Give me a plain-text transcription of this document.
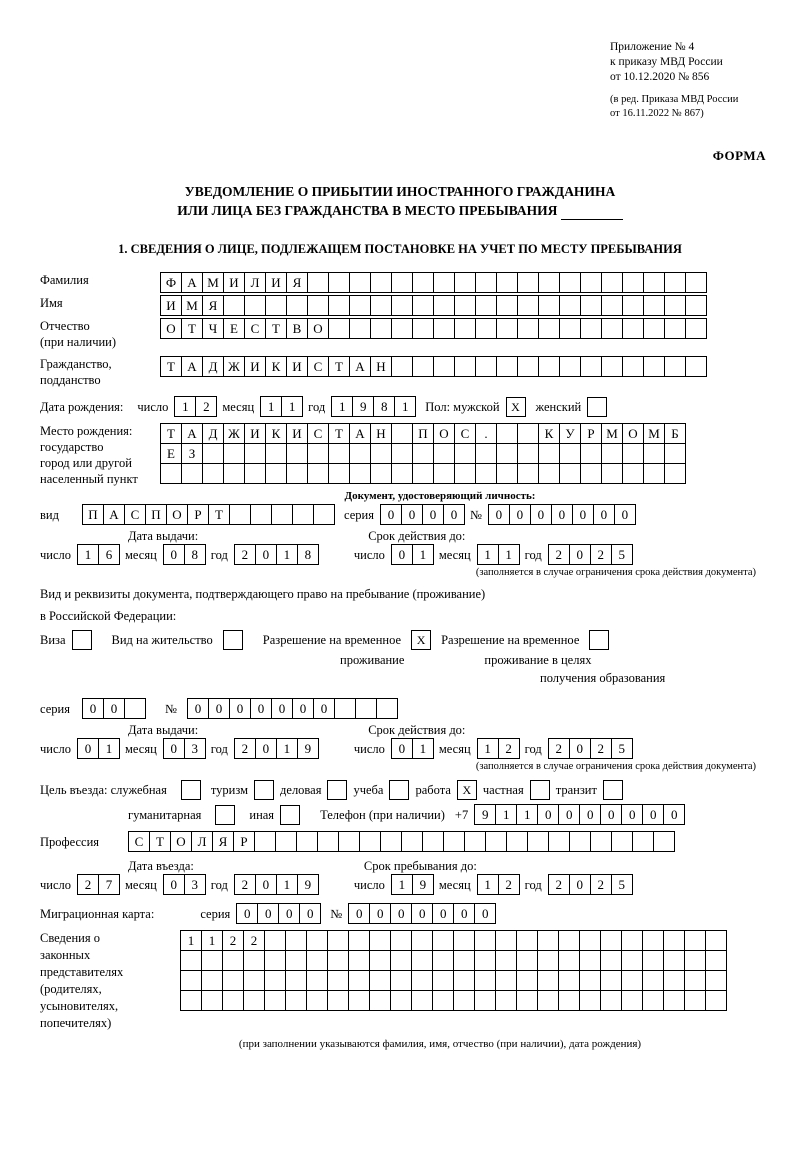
Приложение № 4
к приказу МВД России
от 10.12.2020 № 856
(в ред. Приказа МВД России
от 16.11.2022 № 867)
ФОРМА
УВЕДОМЛЕНИЕ О ПРИБЫТИИ ИНОСТРАННОГО ГРАЖДАНИНА
ИЛИ ЛИЦА БЕЗ ГРАЖДАНСТВА В МЕСТО ПРЕБЫВАНИЯ
1. СВЕДЕНИЯ О ЛИЦЕ, ПОДЛЕЖАЩЕМ ПОСТАНОВКЕ НА УЧЕТ ПО МЕСТУ ПРЕБЫВАНИЯ
Фамилия	Ф А М И Л И Я
Имя	И М Я
Отчество
(при наличии)
О Т Ч Е С Т В О
Гражданство,
подданство
Т А Д Ж И К И С Т А Н
Дата рождения: число	1	2	месяц	1	1	год	1	9	8	1	Пол: мужской X	женский
Место рождения:
государство
город или другой
населенный пункт
Т А Д Ж И К И С Т А Н	П О С	.	К У Р М О М Б
Е	З
Документ, удостоверяющий личность:
вид	П А С П О Р	Т	серия	0	0	0	0	№	0	0	0	0	0	0	0
Дата выдачи:	Срок действия до:
число	1	6	месяц	0	8	год	2	0	1	8	число	0	1	месяц	1	1	год	2	0	2	5
(заполняется в случае ограничения срока действия документа)
Вид и реквизиты документа, подтверждающего право на пребывание (проживание)
в Российской Федерации:
Виза	Вид на жительство	Разрешение на временное	X	Разрешение на временное
проживание	проживание в целях
получения образования
серия	0	0	№	0	0	0	0	0	0	0
Дата выдачи:	Срок действия до:
число	0	1	месяц	0	3	год	2	0	1	9	число	0	1	месяц	1	2	год	2	0	2	5
(заполняется в случае ограничения срока действия документа)
Цель въезда: служебная	туризм	деловая	учеба	работа X частная	транзит
гуманитарная	иная	Телефон (при наличии) +7	9	1	1	0	0	0	0	0	0	0
Профессия	С Т О Л Я	Р
Дата въезда:	Срок пребывания до:
число	2	7	месяц	0	3	год	2	0	1	9	число	1	9	месяц	1	2	год	2	0	2	5
Миграционная карта:	серия	0	0	0	0	№	0	0	0	0	0	0	0
Сведения о
законных
представителях
(родителях,
усыновителях,
попечителях)
1	1	2	2
(при заполнении указываются фамилия, имя, отчество (при наличии), дата рождения)
